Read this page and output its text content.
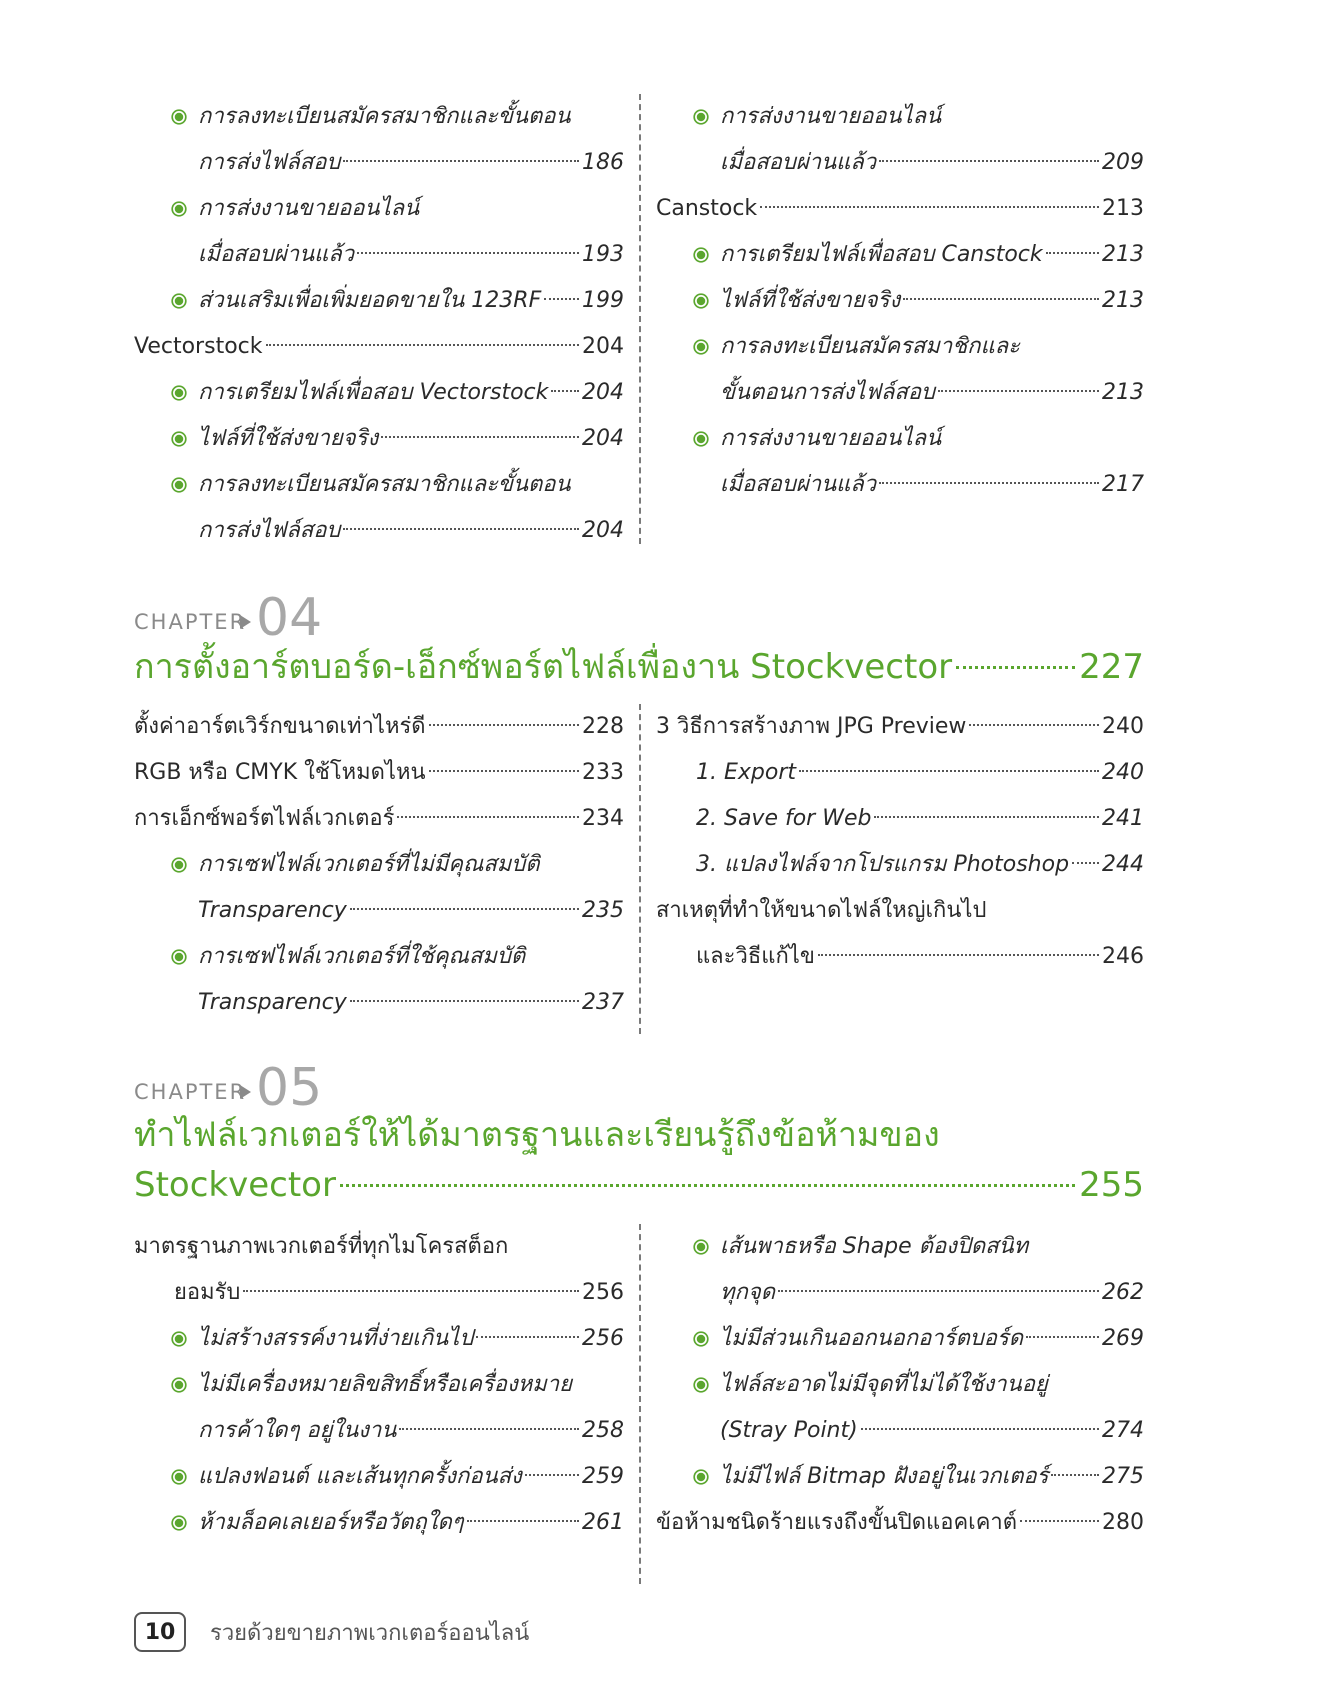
การลงทะเบียนสมัครสมาชิกและขั้นตอน
การส่งไฟล์สอบ	186
การส่งงานขายออนไลน์
เมื่อสอบผ่านแล้ว	193
ส่วนเสริมเพื่อเพิ่มยอดขายใน 123RF 199
Vectorstock	204
การเตรียมไฟล์เพื่อสอบ Vectorstock 204
ไฟล์ที่ใช้ส่งขายจริง	204
การลงทะเบียนสมัครสมาชิกและขั้นตอน
การส่งไฟล์สอบ	204
การส่งงานขายออนไลน์
เมื่อสอบผ่านแล้ว	209
Canstock	213
การเตรียมไฟล์เพื่อสอบ Canstock	213
ไฟล์ที่ใช้ส่งขายจริง	213
การลงทะเบียนสมัครสมาชิกและ
ขั้นตอนการส่งไฟล์สอบ	213
การส่งงานขายออนไลน์
เมื่อสอบผ่านแล้ว	217
CHAPTER 04
การตั้งอาร์ตบอร์ด-เอ็กซ์พอร์ตไฟล์เพื่องาน Stockvector	227
ตั้งค่าอาร์ตเวิร์กขนาดเท่าไหร่ดี	228
RGB หรือ CMYK ใช้โหมดไหน	233
การเอ็กซ์พอร์ตไฟล์เวกเตอร์	234
การเซฟไฟล์เวกเตอร์ที่ไม่มีคุณสมบัติ
Transparency	235
การเซฟไฟล์เวกเตอร์ที่ใช้คุณสมบัติ
Transparency	237
3 วิธีการสร้างภาพ JPG Preview	240
1. Export	240
2. Save for Web	241
3. แปลงไฟล์จากโปรแกรม Photoshop 244
สาเหตุที่ทำให้ขนาดไฟล์ใหญ่เกินไป
และวิธีแก้ไข	246
CHAPTER 05
ทำไฟล์เวกเตอร์ให้ได้มาตรฐานและเรียนรู้ถึงข้อห้ามของ
Stockvector	255
มาตรฐานภาพเวกเตอร์ที่ทุกไมโครสต็อก
ยอมรับ	256
ไม่สร้างสรรค์งานที่ง่ายเกินไป	256
ไม่มีเครื่องหมายลิขสิทธิ์หรือเครื่องหมาย
การค้าใดๆ อยู่ในงาน	258
แปลงฟอนต์ และเส้นทุกครั้งก่อนส่ง	259
ห้ามล็อคเลเยอร์หรือวัตถุใดๆ	261
เส้นพาธหรือ Shape ต้องปิดสนิท
ทุกจุด	262
ไม่มีส่วนเกินออกนอกอาร์ตบอร์ด	269
ไฟล์สะอาดไม่มีจุดที่ไม่ได้ใช้งานอยู่
(Stray Point)	274
ไม่มีไฟล์ Bitmap ฝังอยู่ในเวกเตอร์ 275
ข้อห้ามชนิดร้ายแรงถึงขั้นปิดแอคเคาต์	280
10	รวยด้วยขายภาพเวกเตอร์ออนไลน์
